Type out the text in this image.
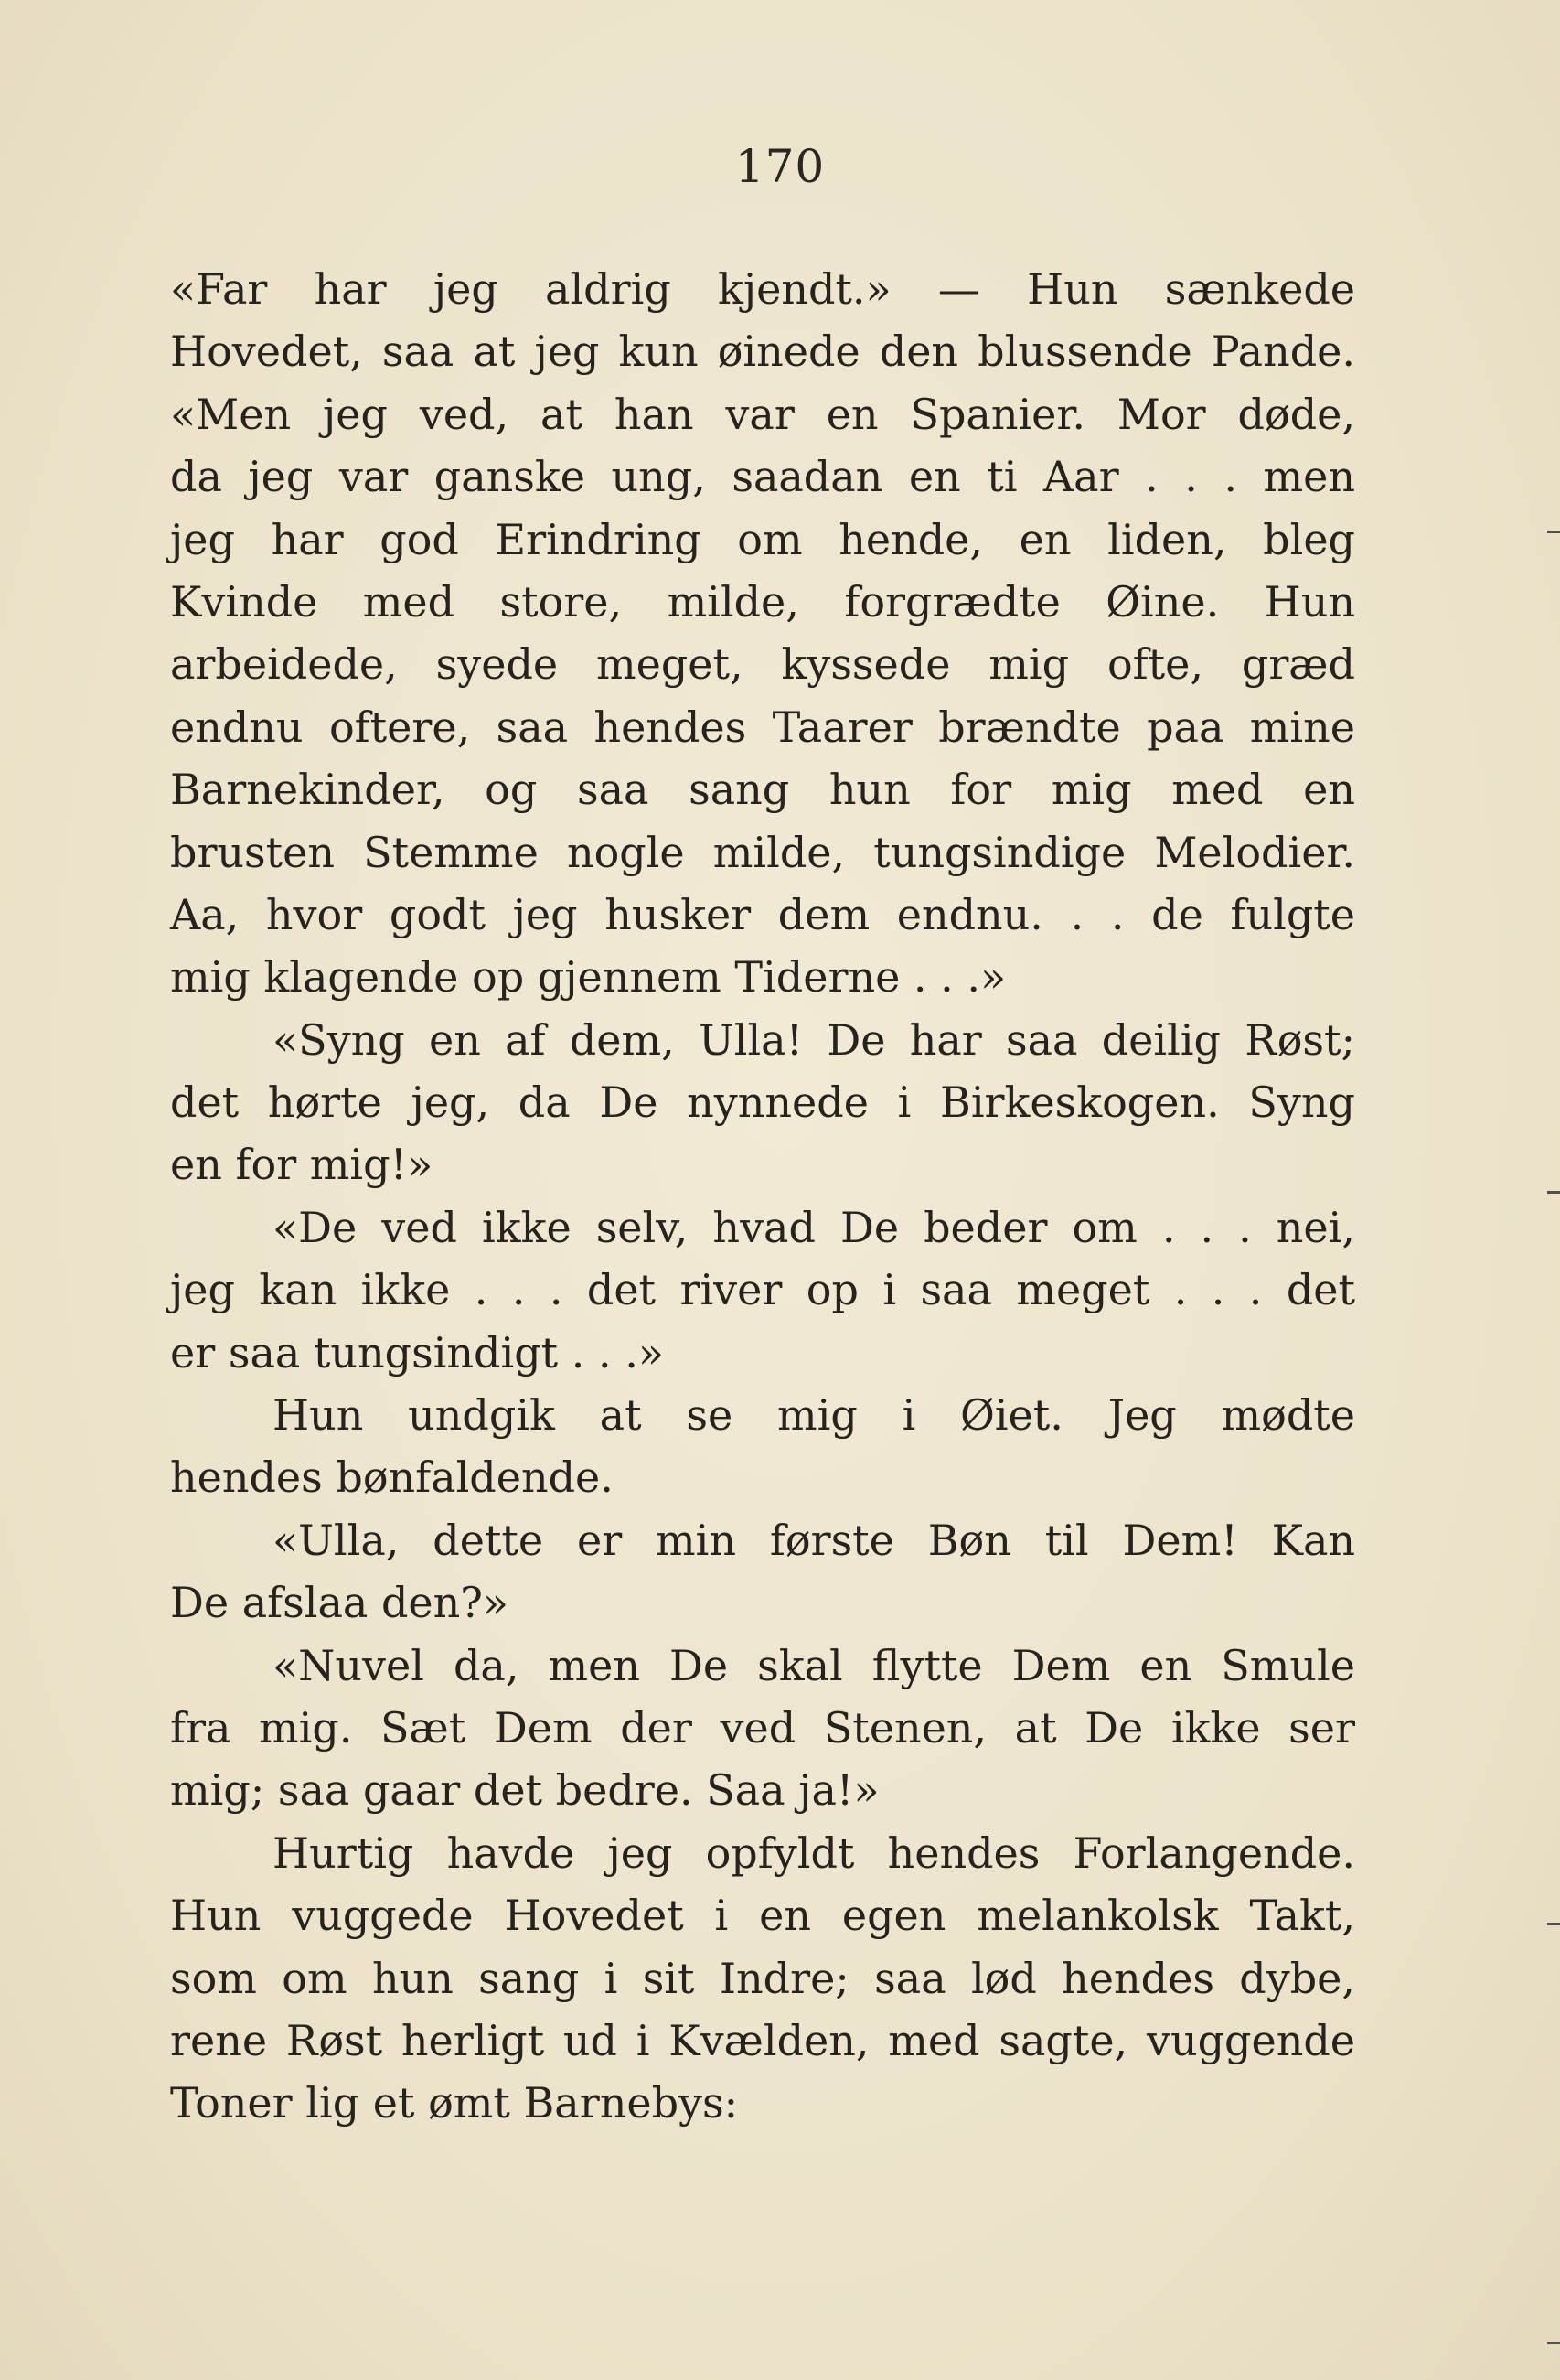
170
«Far har jeg aldrig kjendt.» — Hun sænkede
Hovedet, saa at jeg kun øinede den blussende Pande.
«Men jeg ved, at han var en Spanier. Mor døde,
da jeg var ganske ung, saadan en ti Aar . . . men
jeg har god Erindring om hende, en liden, bleg
Kvinde med store, milde, forgrædte Øine. Hun
arbeidede, syede meget, kyssede mig ofte, græd
endnu oftere, saa hendes Taarer brændte paa mine
Barnekinder, og saa sang hun for mig med en
brusten Stemme nogle milde, tungsindige Melodier.
Aa, hvor godt jeg husker dem endnu. . . de fulgte
mig klagende op gjennem Tiderne . . .»
«Syng en af dem, Ulla! De har saa deilig Røst;
det hørte jeg, da De nynnede i Birkeskogen. Syng
en for mig!»
«De ved ikke selv, hvad De beder om . . . nei,
jeg kan ikke . . . det river op i saa meget . . . det
er saa tungsindigt . . .»
Hun undgik at se mig i Øiet. Jeg mødte
hendes bønfaldende.
«Ulla, dette er min første Bøn til Dem! Kan
De afslaa den?»
«Nuvel da, men De skal flytte Dem en Smule
fra mig. Sæt Dem der ved Stenen, at De ikke ser
mig; saa gaar det bedre. Saa ja!»
Hurtig havde jeg opfyldt hendes Forlangende.
Hun vuggede Hovedet i en egen melankolsk Takt,
som om hun sang i sit Indre; saa lød hendes dybe,
rene Røst herligt ud i Kvælden, med sagte, vuggende
Toner lig et ømt Barnebys:
